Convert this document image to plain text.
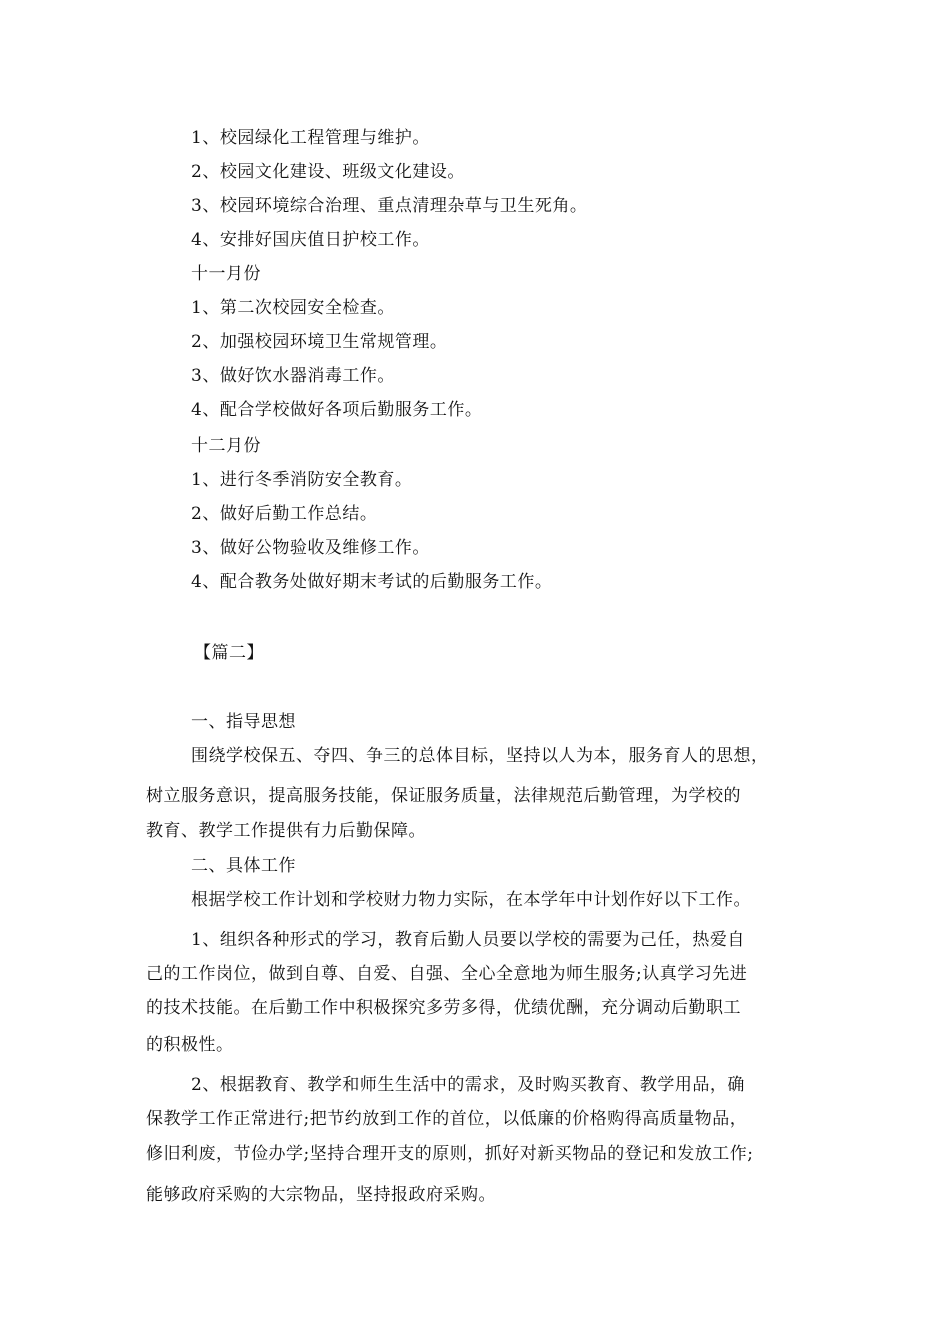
1、校园绿化工程管理与维护。
2、校园文化建设、班级文化建设。
3、校园环境综合治理、重点清理杂草与卫生死角。
4、安排好国庆值日护校工作。
十一月份
1、第二次校园安全检查。
2、加强校园环境卫生常规管理。
3、做好饮水器消毒工作。
4、配合学校做好各项后勤服务工作。
十二月份
1、进行冬季消防安全教育。
2、做好后勤工作总结。
3、做好公物验收及维修工作。
4、配合教务处做好期末考试的后勤服务工作。
【篇二】
一、指导思想
围绕学校保五、夺四、争三的总体目标，坚持以人为本，服务育人的思想，
树立服务意识，提高服务技能，保证服务质量，法律规范后勤管理，为学校的
教育、教学工作提供有力后勤保障。
二、具体工作
根据学校工作计划和学校财力物力实际，在本学年中计划作好以下工作。
1、组织各种形式的学习，教育后勤人员要以学校的需要为己任，热爱自
己的工作岗位，做到自尊、自爱、自强、全心全意地为师生服务;认真学习先进
的技术技能。在后勤工作中积极探究多劳多得，优绩优酬，充分调动后勤职工
的积极性。
2、根据教育、教学和师生生活中的需求，及时购买教育、教学用品，确
保教学工作正常进行;把节约放到工作的首位，以低廉的价格购得高质量物品，
修旧利废，节俭办学;坚持合理开支的原则，抓好对新买物品的登记和发放工作;
能够政府采购的大宗物品，坚持报政府采购。
